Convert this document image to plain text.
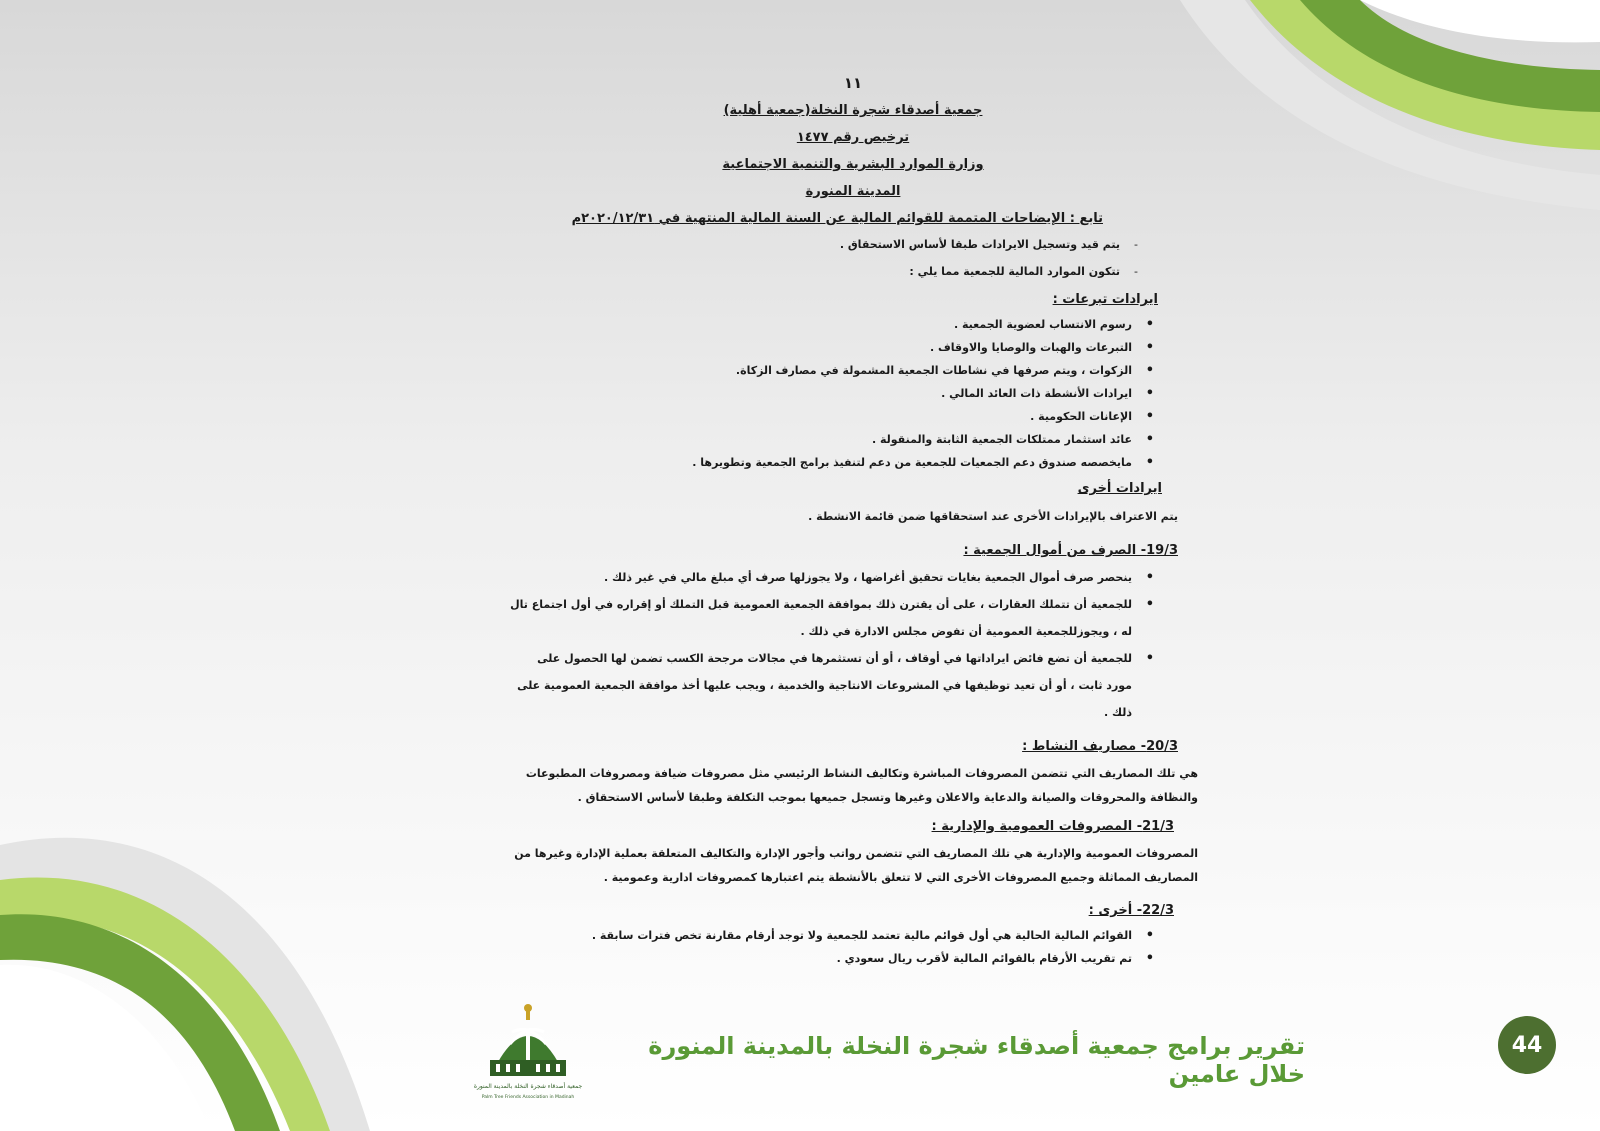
١١
جمعية أصدقاء شجرة النخلة(جمعية أهلية)
ترخيص رقم ١٤٧٧
وزارة الموارد البشرية والتنمية الاجتماعية
المدينة المنورة
تابع : الإيضاحات المتممة للقوائم المالية عن السنة المالية المنتهية في ٢٠٢٠/١٢/٣١م
- يتم قيد وتسجيل الايرادات طبقا لأساس الاستحقاق .
- تتكون الموارد المالية للجمعية مما يلي :
ايرادات تبرعات :
• رسوم الانتساب لعضوية الجمعية .
• التبرعات والهبات والوصايا والاوقاف .
• الزكوات ، ويتم صرفها في نشاطات الجمعية المشمولة في مصارف الزكاة.
• ايرادات الأنشطة ذات العائد المالي .
• الإعانات الحكومية .
• عائد استثمار ممتلكات الجمعية الثابتة والمنقولة .
• مايخصصه صندوق دعم الجمعيات للجمعية من دعم لتنفيذ برامج الجمعية وتطويرها .
ايرادات أخرى
يتم الاعتراف بالإيرادات الأخرى عند استحقاقها ضمن قائمة الانشطة .
19/3- الصرف من أموال الجمعية :
• ينحصر صرف أموال الجمعية بغايات تحقيق أغراضها ، ولا يجوزلها صرف أي مبلغ مالي في غير ذلك .
• للجمعية أن تتملك العقارات ، على أن يقترن ذلك بموافقة الجمعية العمومية قبل التملك أو إقراره في أول اجتماع تال له ، ويجوزللجمعية العمومية أن تفوض مجلس الادارة في ذلك .
• للجمعية أن تضع فائض ايراداتها في أوقاف ، أو أن تستثمرها في مجالات مرجحة الكسب تضمن لها الحصول على مورد ثابت ، أو أن تعيد توظيفها في المشروعات الانتاجية والخدمية ، ويجب عليها أخذ موافقة الجمعية العمومية على ذلك .
20/3- مصاريف النشاط :
هي تلك المصاريف التي تتضمن المصروفات المباشرة وتكاليف النشاط الرئيسي مثل مصروفات ضيافة ومصروفات المطبوعات والنظافة والمحروقات والصيانة والدعاية والاعلان وغيرها وتسجل جميعها بموجب التكلفة وطبقا لأساس الاستحقاق .
21/3- المصروفات العمومية والإدارية :
المصروفات العمومية والإدارية هي تلك المصاريف التي تتضمن رواتب وأجور الإدارة والتكاليف المتعلقة بعملية الإدارة وغيرها من المصاريف المماثلة وجميع المصروفات الأخرى التي لا تتعلق بالأنشطة يتم اعتبارها كمصروفات ادارية وعمومية .
22/3- أخرى :
• القوائم المالية الحالية هي أول قوائم مالية تعتمد للجمعية ولا توجد أرقام مقارنة تخص فترات سابقة .
• تم تقريب الأرقام بالقوائم المالية لأقرب ريال سعودي .
جمعية أصدقاء شجرة النخلة بالمدينة المنورة
Palm Tree Friends Association in Madinah
تقرير برامج جمعية أصدقاء شجرة النخلة بالمدينة المنورة خلال عامين
44
